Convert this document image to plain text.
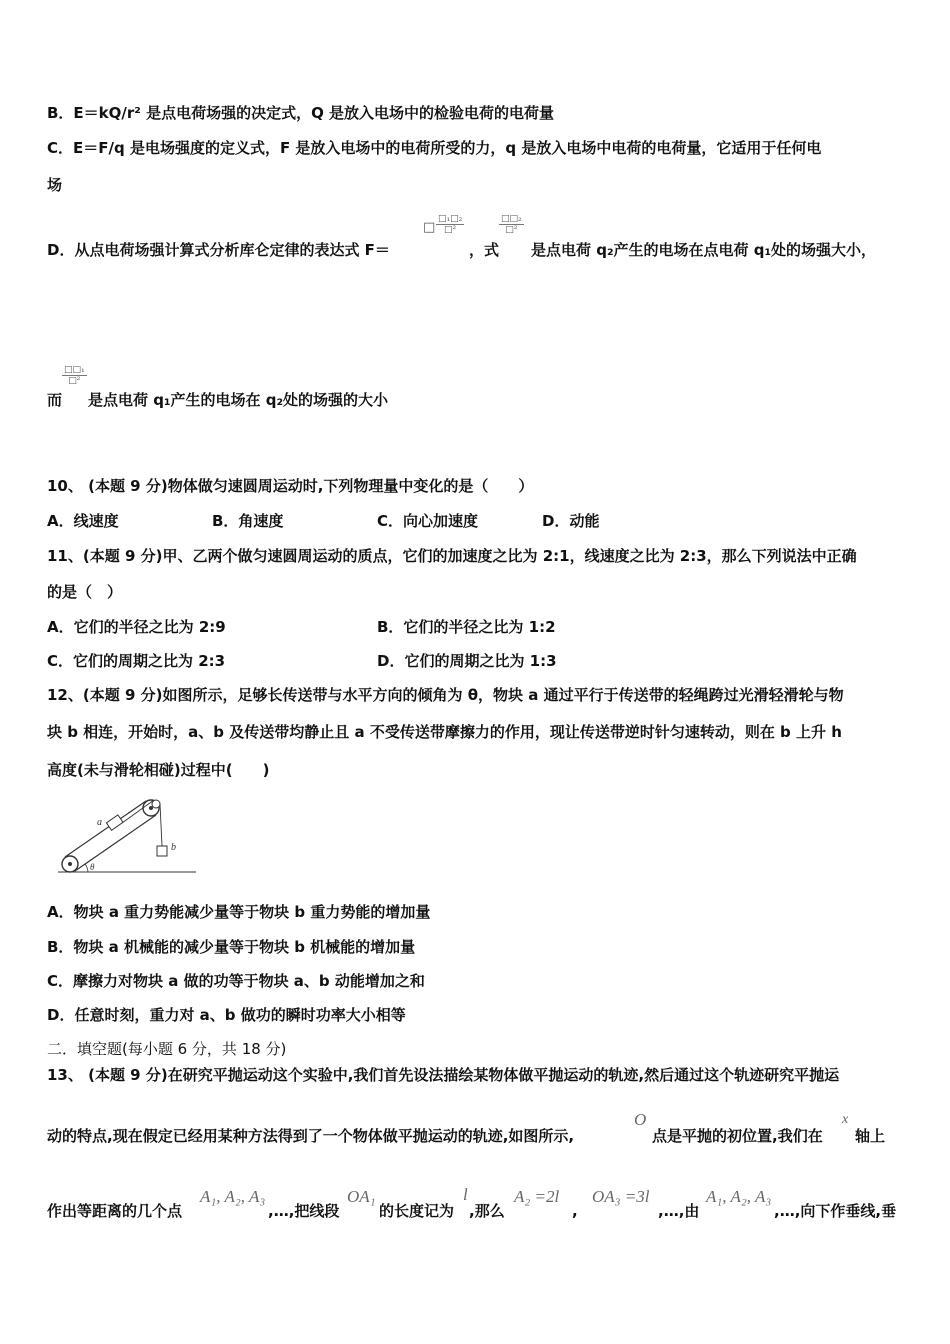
B．E＝kQ/r² 是点电荷场强的决定式，Q 是放入电场中的检验电荷的电荷量
C．E＝F/q 是电场强度的定义式，F 是放入电场中的电荷所受的力，q 是放入电场中电荷的电荷量，它适用于任何电
场
D．从点电荷场强计算式分析库仑定律的表达式 F＝
□
□₁□₂
□²
，式
□□₂
□²
是点电荷 q₂产生的电场在点电荷 q₁处的场强大小，
□□₁
□²
而 是点电荷 q₁产生的电场在 q₂处的场强的大小
10、 (本题 9 分)物体做匀速圆周运动时,下列物理量中变化的是（　　）
A．线速度	B．角速度	C．向心加速度	D．动能
11、(本题 9 分)甲、乙两个做匀速圆周运动的质点，它们的加速度之比为 2:1，线速度之比为 2:3，那么下列说法中正确
的是（　）
A．它们的半径之比为 2:9	B．它们的半径之比为 1:2
C．它们的周期之比为 2:3	D．它们的周期之比为 1:3
12、(本题 9 分)如图所示，足够长传送带与水平方向的倾角为 θ，物块 a 通过平行于传送带的轻绳跨过光滑轻滑轮与物
块 b 相连，开始时，a、b 及传送带均静止且 a 不受传送带摩擦力的作用，现让传送带逆时针匀速转动，则在 b 上升 h
高度(未与滑轮相碰)过程中(　　)
a
b
θ
A．物块 a 重力势能减少量等于物块 b 重力势能的增加量
B．物块 a 机械能的减少量等于物块 b 机械能的增加量
C．摩擦力对物块 a 做的功等于物块 a、b 动能增加之和
D．任意时刻，重力对 a、b 做功的瞬时功率大小相等
二．填空题(每小题 6 分，共 18 分)
13、 (本题 9 分)在研究平抛运动这个实验中,我们首先设法描绘某物体做平抛运动的轨迹,然后通过这个轨迹研究平抛运
动的特点,现在假定已经用某种方法得到了一个物体做平抛运动的轨迹,如图所示,
O
点是平抛的初位置,我们在
x
轴上
作出等距离的几个点
A₁, A₂, A₃
,…,把线段
OA₁
的长度记为
l
,那么
A₂ =2l
,
OA₃ =3l
,…,由
A₁, A₂, A₃
,…,向下作垂线,垂
